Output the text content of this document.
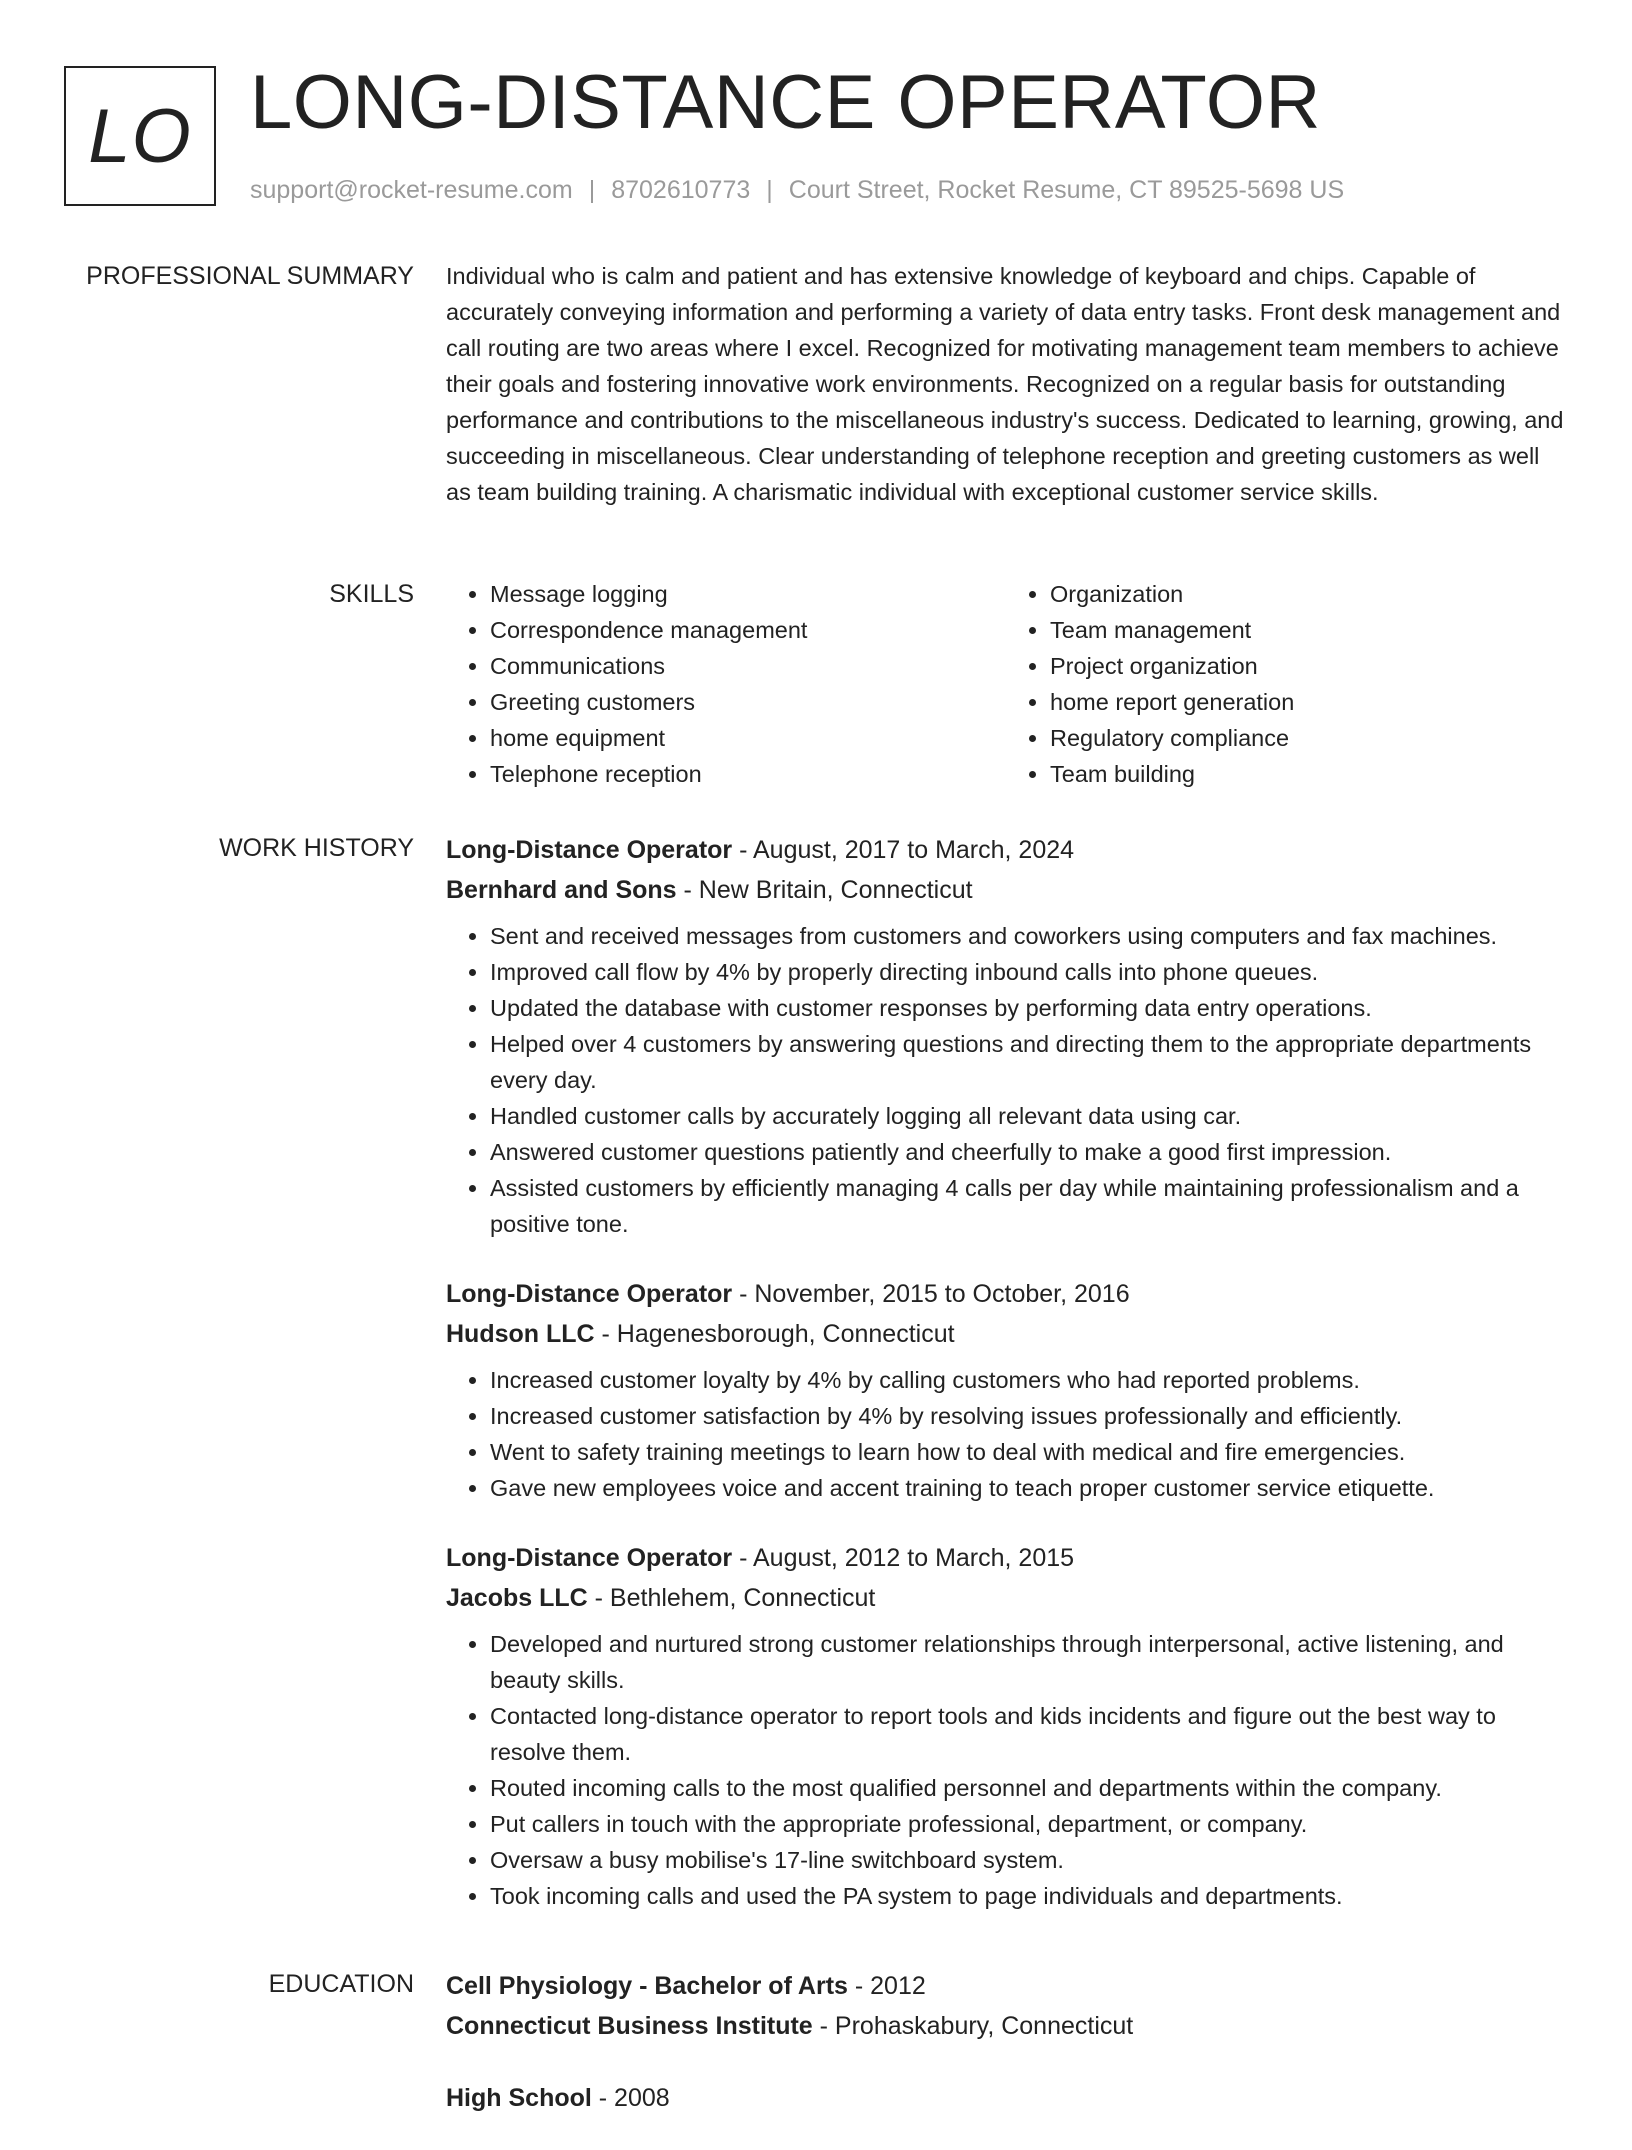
LO LONG-DISTANCE OPERATOR
support@rocket-resume.com | 8702610773 | Court Street, Rocket Resume, CT 89525-5698 US
PROFESSIONAL SUMMARY Individual who is calm and patient and has extensive knowledge of keyboard and chips. Capable of accurately conveying information and performing a variety of data entry tasks. Front desk management and call routing are two areas where I excel. Recognized for motivating management team members to achieve their goals and fostering innovative work environments. Recognized on a regular basis for outstanding performance and contributions to the miscellaneous industry's success. Dedicated to learning, growing, and succeeding in miscellaneous. Clear understanding of telephone reception and greeting customers as well as team building training. A charismatic individual with exceptional customer service skills.

SKILLS
•	Message logging
• Correspondence management
• Communications
• Greeting customers
• home equipment
• Telephone reception
• Organization
• Team management
• Project organization
• home report generation
• Regulatory compliance
• Team building
WORK HISTORY Long-Distance Operator - August, 2017 to March, 2024
Bernhard and Sons - New Britain, Connecticut
• Sent and received messages from customers and coworkers using computers and fax machines.
• Improved call flow by 4% by properly directing inbound calls into phone queues.
• Updated the database with customer responses by performing data entry operations.
• Helped over 4 customers by answering questions and directing them to the appropriate departments every day.
• Handled customer calls by accurately logging all relevant data using car.
• Answered customer questions patiently and cheerfully to make a good first impression.
• Assisted customers by efficiently managing 4 calls per day while maintaining professionalism and a positive tone.
Long-Distance Operator - November, 2015 to October, 2016
Hudson LLC - Hagenesborough, Connecticut
• Increased customer loyalty by 4% by calling customers who had reported problems.
• Increased customer satisfaction by 4% by resolving issues professionally and efficiently.
• Went to safety training meetings to learn how to deal with medical and fire emergencies.
• Gave new employees voice and accent training to teach proper customer service etiquette.
Long-Distance Operator - August, 2012 to March, 2015
Jacobs LLC - Bethlehem, Connecticut
• Developed and nurtured strong customer relationships through interpersonal, active listening, and beauty skills.
• Contacted long-distance operator to report tools and kids incidents and figure out the best way to resolve them.
• Routed incoming calls to the most qualified personnel and departments within the company.
• Put callers in touch with the appropriate professional, department, or company.
• Oversaw a busy mobilise's 17-line switchboard system.
• Took incoming calls and used the PA system to page individuals and departments.
EDUCATION Cell Physiology - Bachelor of Arts - 2012
Connecticut Business Institute - Prohaskabury, Connecticut
High School - 2008
